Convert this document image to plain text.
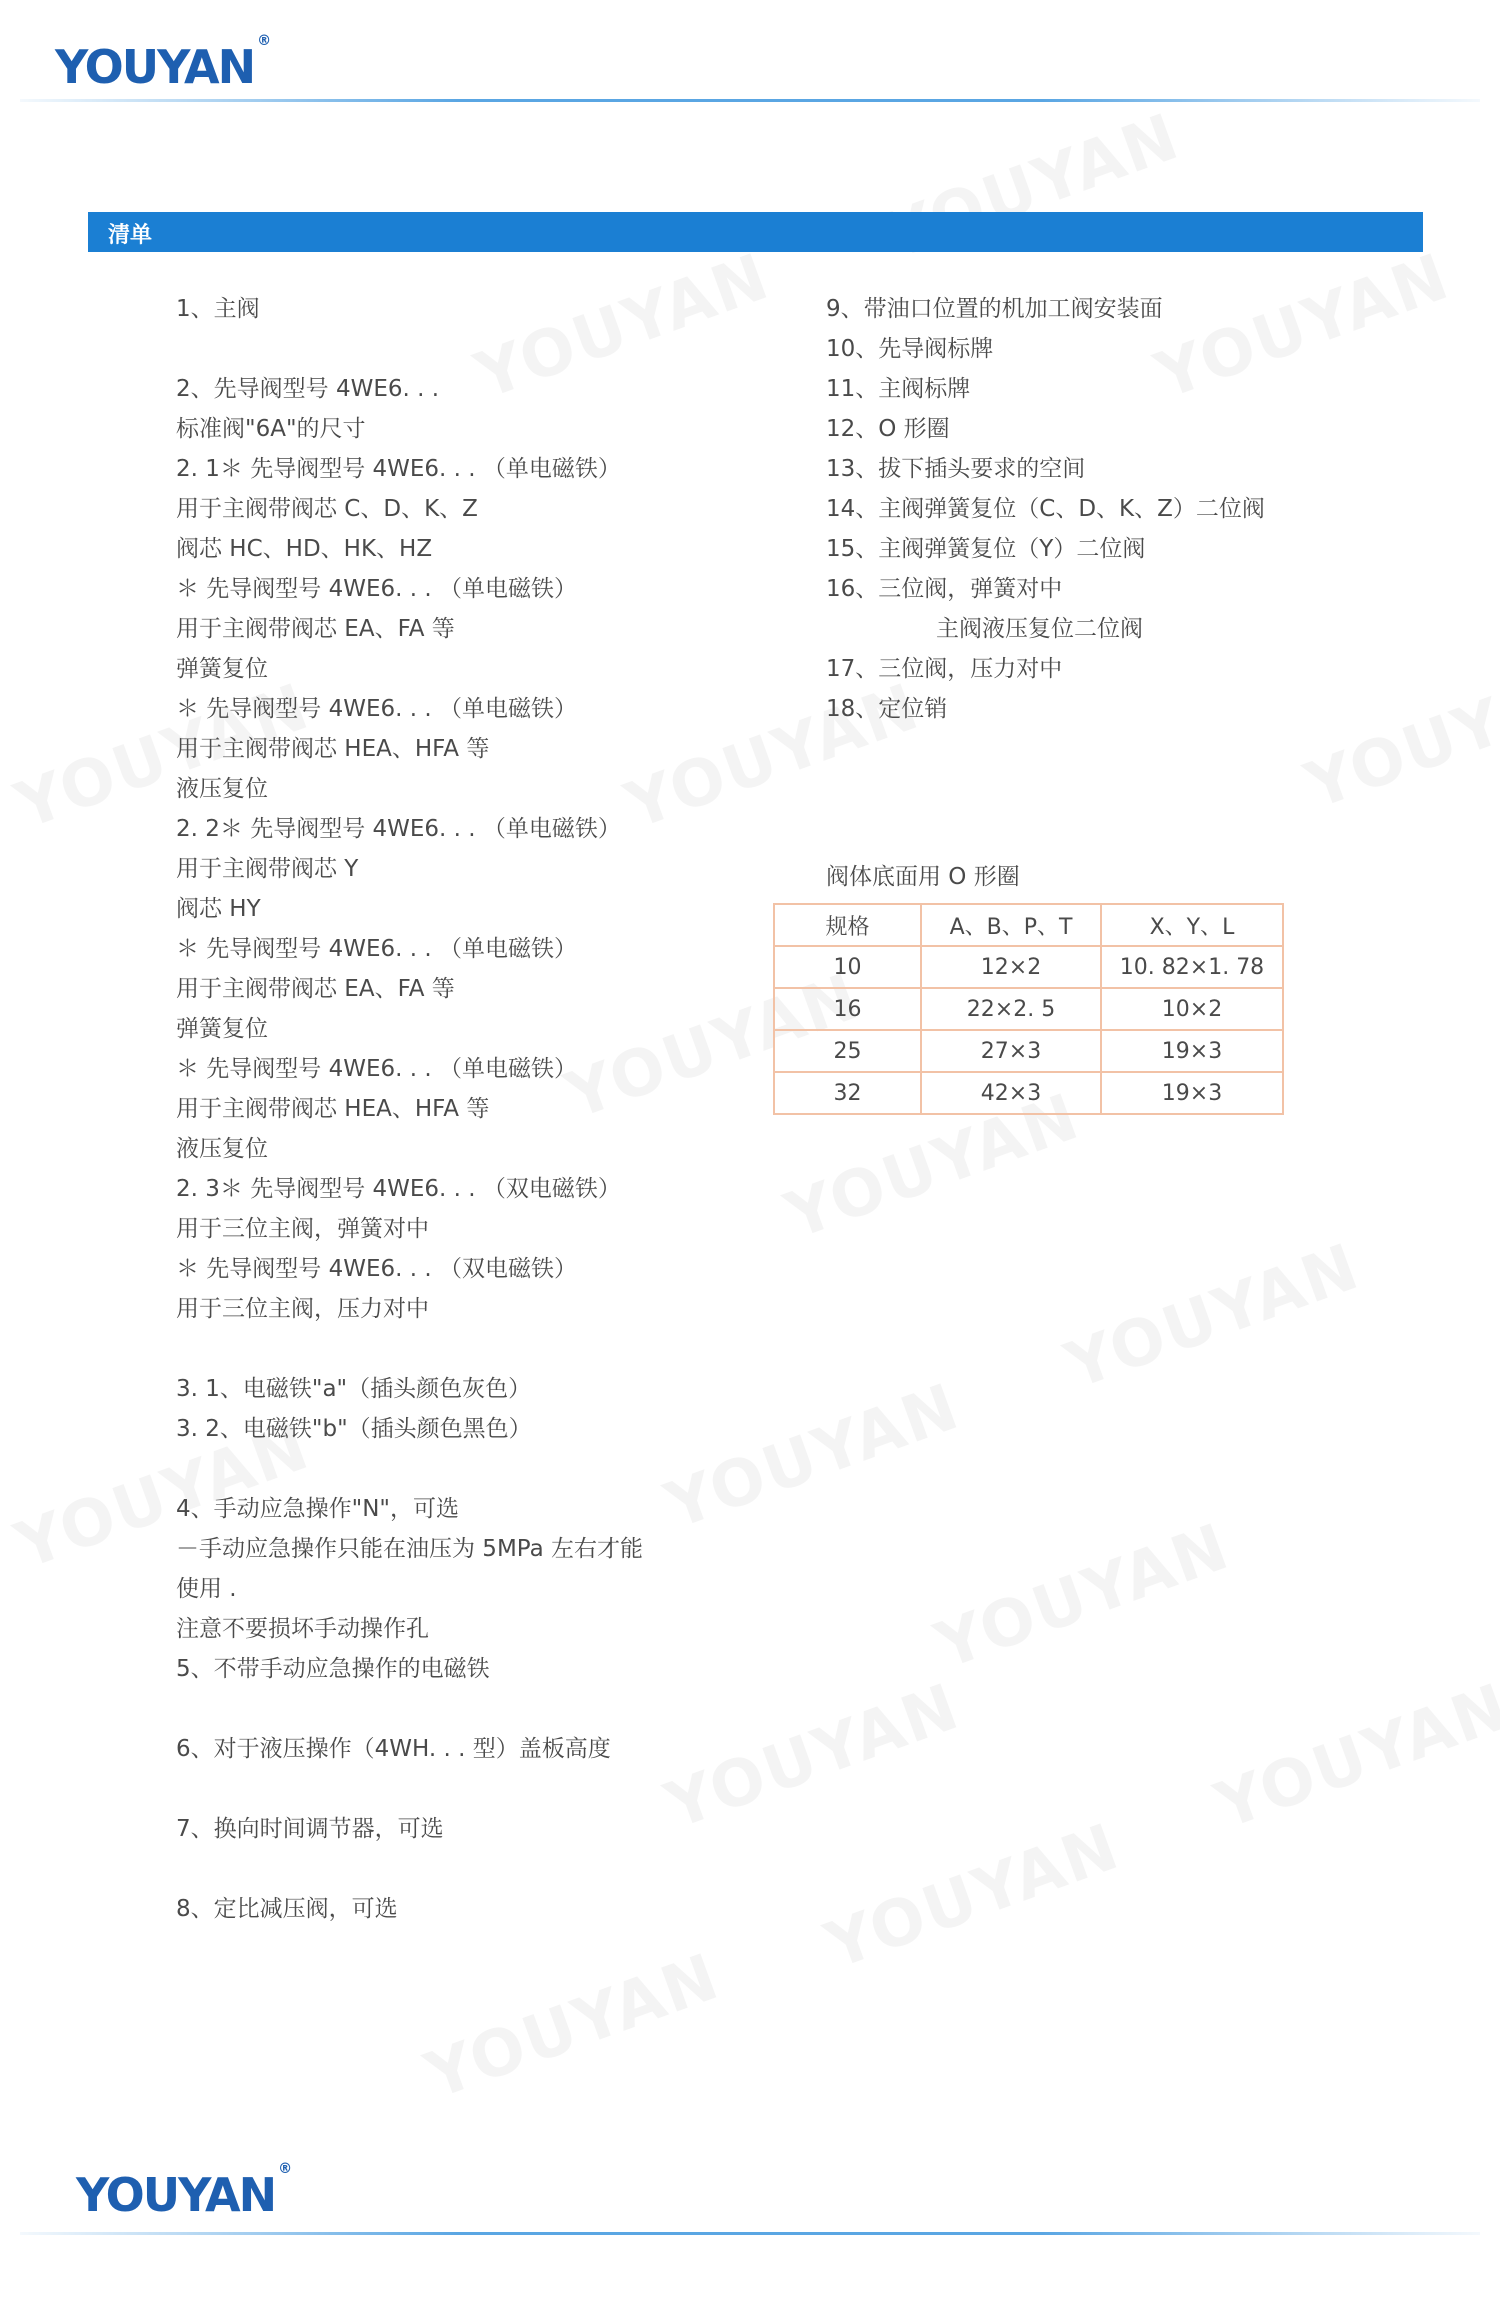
YOUYAN ®
清单
1、主阀
2、先导阀型号 4WE6. . .
标准阀"6A"的尺寸
2. 1＊ 先导阀型号 4WE6. . . （单电磁铁）
用于主阀带阀芯 C、D、K、Z
阀芯 HC、HD、HK、HZ
＊ 先导阀型号 4WE6. . . （单电磁铁）
用于主阀带阀芯 EA、FA 等
弹簧复位
＊ 先导阀型号 4WE6. . . （单电磁铁）
用于主阀带阀芯 HEA、HFA 等
液压复位
2. 2＊ 先导阀型号 4WE6. . . （单电磁铁）
用于主阀带阀芯 Y
阀芯 HY
＊ 先导阀型号 4WE6. . . （单电磁铁）
用于主阀带阀芯 EA、FA 等
弹簧复位
＊ 先导阀型号 4WE6. . . （单电磁铁）
用于主阀带阀芯 HEA、HFA 等
液压复位
2. 3＊ 先导阀型号 4WE6. . . （双电磁铁）
用于三位主阀，弹簧对中
＊ 先导阀型号 4WE6. . . （双电磁铁）
用于三位主阀，压力对中
3. 1、电磁铁"a"（插头颜色灰色）
3. 2、电磁铁"b"（插头颜色黑色）
4、手动应急操作"N"，可选
－手动应急操作只能在油压为 5MPa 左右才能
使用 .
注意不要损坏手动操作孔
5、不带手动应急操作的电磁铁
6、对于液压操作（4WH. . . 型）盖板高度
7、换向时间调节器，可选
8、定比减压阀，可选
9、带油口位置的机加工阀安装面
10、先导阀标牌
11、主阀标牌
12、O 形圈
13、拔下插头要求的空间
14、主阀弹簧复位（C、D、K、Z）二位阀
15、主阀弹簧复位（Y）二位阀
16、三位阀，弹簧对中
主阀液压复位二位阀
17、三位阀，压力对中
18、定位销
阀体底面用 O 形圈
规格	A、B、P、T	X、Y、L
10	12×2	10. 82×1. 78
16	22×2. 5	10×2
25	27×3	19×3
32	42×3	19×3
YOUYAN ®
